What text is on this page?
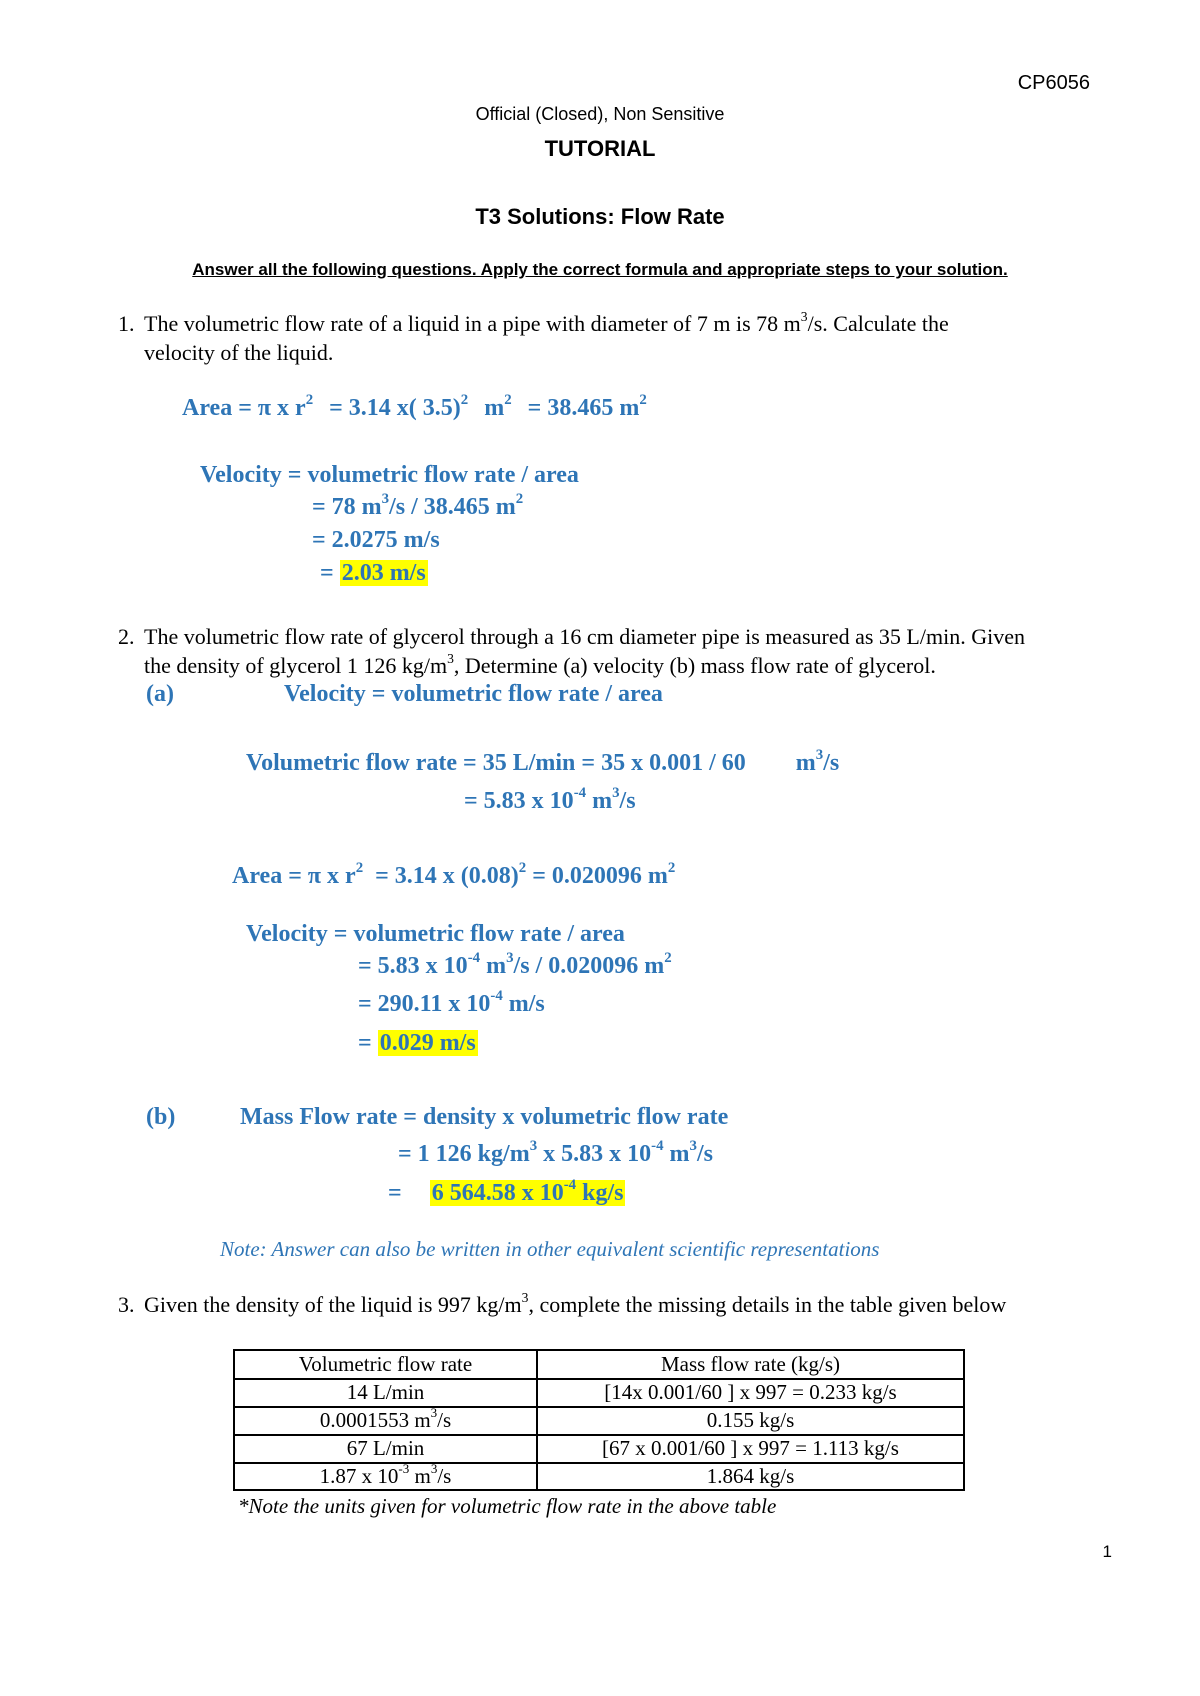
CP6056
Official (Closed), Non Sensitive
TUTORIAL
T3 Solutions: Flow Rate
Answer all the following questions. Apply the correct formula and appropriate steps to your solution.
1. The volumetric flow rate of a liquid in a pipe with diameter of 7 m is 78 $m^3/s$. Calculate the
velocity of the liquid.
Area = π x $r^2 = 3.14$ x( 3.5)$^2$ $m^2 = 38.465$ $m^2$
Velocity = volumetric flow rate / area
= 78 $m^3/s / 38.465$ $m^2$
= 2.0275 m/s
= 2.03 m/s
2. The volumetric flow rate of glycerol through a 16 cm diameter pipe is measured as 35 L/min. Given
the density of glycerol 1 126 $kg/m^3$, Determine (a) velocity (b) mass flow rate of glycerol.
(a)	Velocity = volumetric flow rate / area
Volumetric flow rate = 35 L/min = 35 x 0.001 / 60 $m^3/s$
= 5.83 x $10^{-4}$ $m^3/s$
Area = π x $r^2 = 3.14$ x $(0.08)^2 = 0.020096$ $m^2$
Velocity = volumetric flow rate / area
= 5.83 x $10^{-4}$ $m^3/s / 0.020096$ $m^2$
= 290.11 x $10^{-4}$ m/s
= 0.029 m/s
(b)	Mass Flow rate = density x volumetric flow rate
= 1 126 $kg/m^3$ x 5.83 x $10^{-4}$ $m^3/s$
= 6 564.58 x $10^{-4}$ kg/s
Note: Answer can also be written in other equivalent scientific representations
3. Given the density of the liquid is 997 $kg/m^3$, complete the missing details in the table given below
Volumetric flow rate	Mass flow rate (kg/s)
14 L/min	[14x 0.001/60 ] x 997 = 0.233 kg/s
0.0001553 $m^3/s$	0.155 kg/s
67 L/min	[67 x 0.001/60 ] x 997 = 1.113 kg/s
1.87 x $10^{-3}$ $m^3/s$	1.864 kg/s
*Note the units given for volumetric flow rate in the above table
1
